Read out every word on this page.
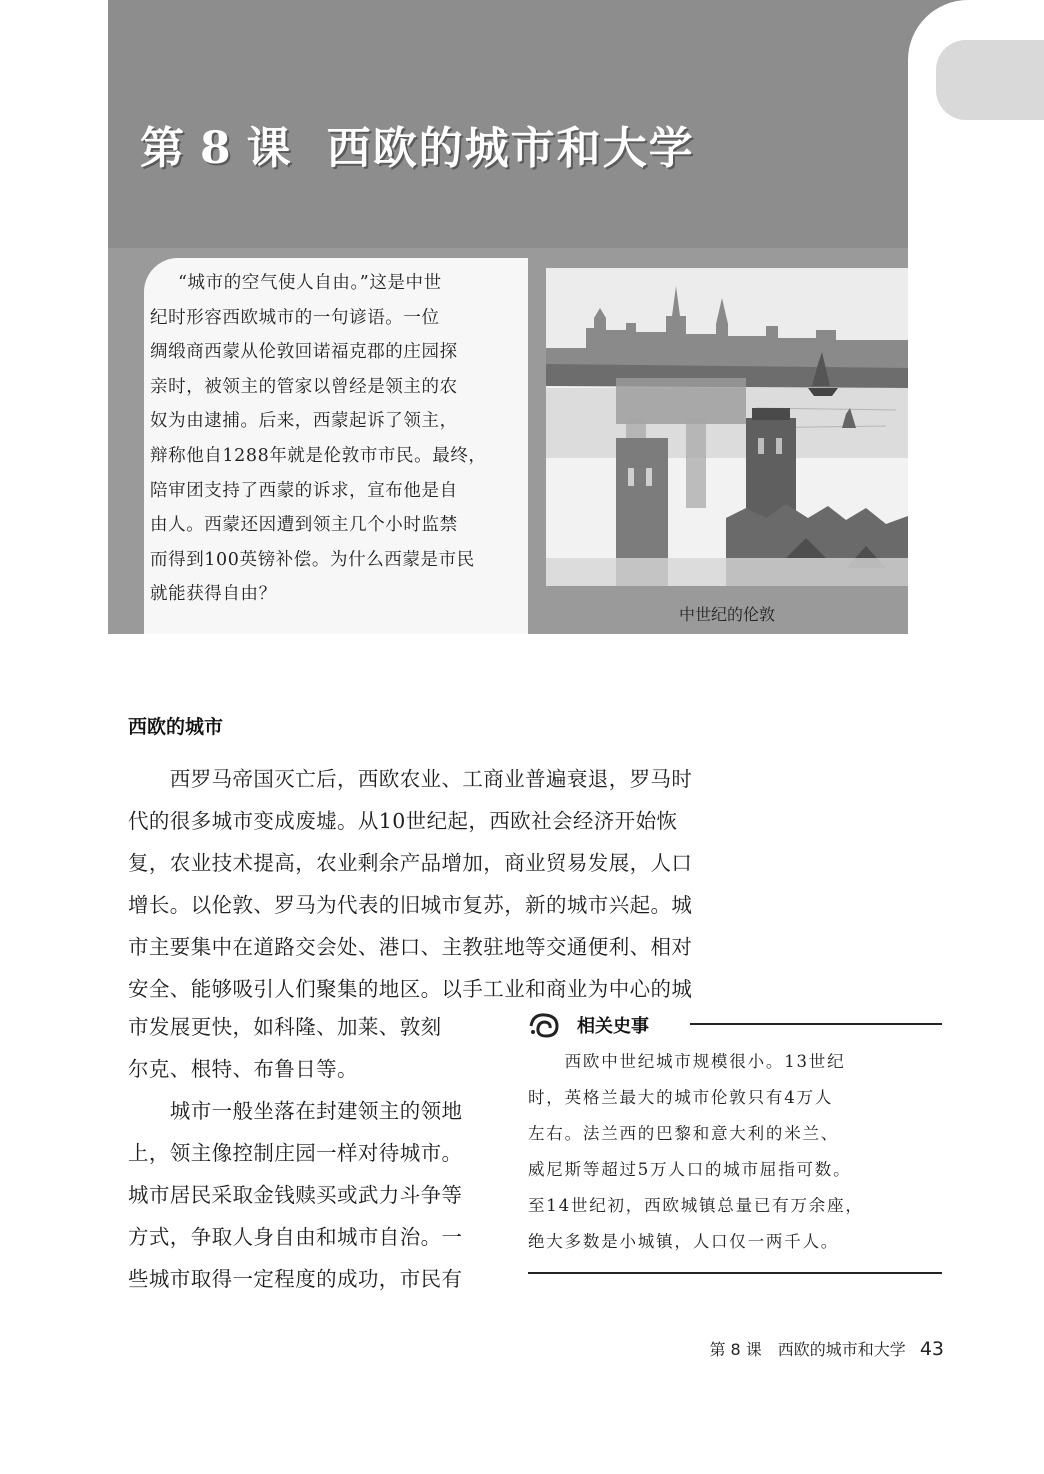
第 8 课 西欧的城市和大学
“城市的空气使人自由。”这是中世
纪时形容西欧城市的一句谚语。一位
绸缎商西蒙从伦敦回诺福克郡的庄园探
亲时，被领主的管家以曾经是领主的农
奴为由逮捕。后来，西蒙起诉了领主，
辩称他自1288年就是伦敦市市民。最终，
陪审团支持了西蒙的诉求，宣布他是自
由人。西蒙还因遭到领主几个小时监禁
而得到100英镑补偿。为什么西蒙是市民
就能获得自由？
中世纪的伦敦
西欧的城市
　　西罗马帝国灭亡后，西欧农业、工商业普遍衰退，罗马时
代的很多城市变成废墟。从10世纪起，西欧社会经济开始恢
复，农业技术提高，农业剩余产品增加，商业贸易发展，人口
增长。以伦敦、罗马为代表的旧城市复苏，新的城市兴起。城
市主要集中在道路交会处、港口、主教驻地等交通便利、相对
安全、能够吸引人们聚集的地区。以手工业和商业为中心的城
市发展更快，如科隆、加莱、敦刻
尔克、根特、布鲁日等。
　　城市一般坐落在封建领主的领地
上，领主像控制庄园一样对待城市。
城市居民采取金钱赎买或武力斗争等
方式，争取人身自由和城市自治。一
些城市取得一定程度的成功，市民有
相关史事
　　西欧中世纪城市规模很小。13世纪
时，英格兰最大的城市伦敦只有4万人
左右。法兰西的巴黎和意大利的米兰、
威尼斯等超过5万人口的城市屈指可数。
至14世纪初，西欧城镇总量已有万余座，
绝大多数是小城镇，人口仅一两千人。
第 8 课　西欧的城市和大学 43
